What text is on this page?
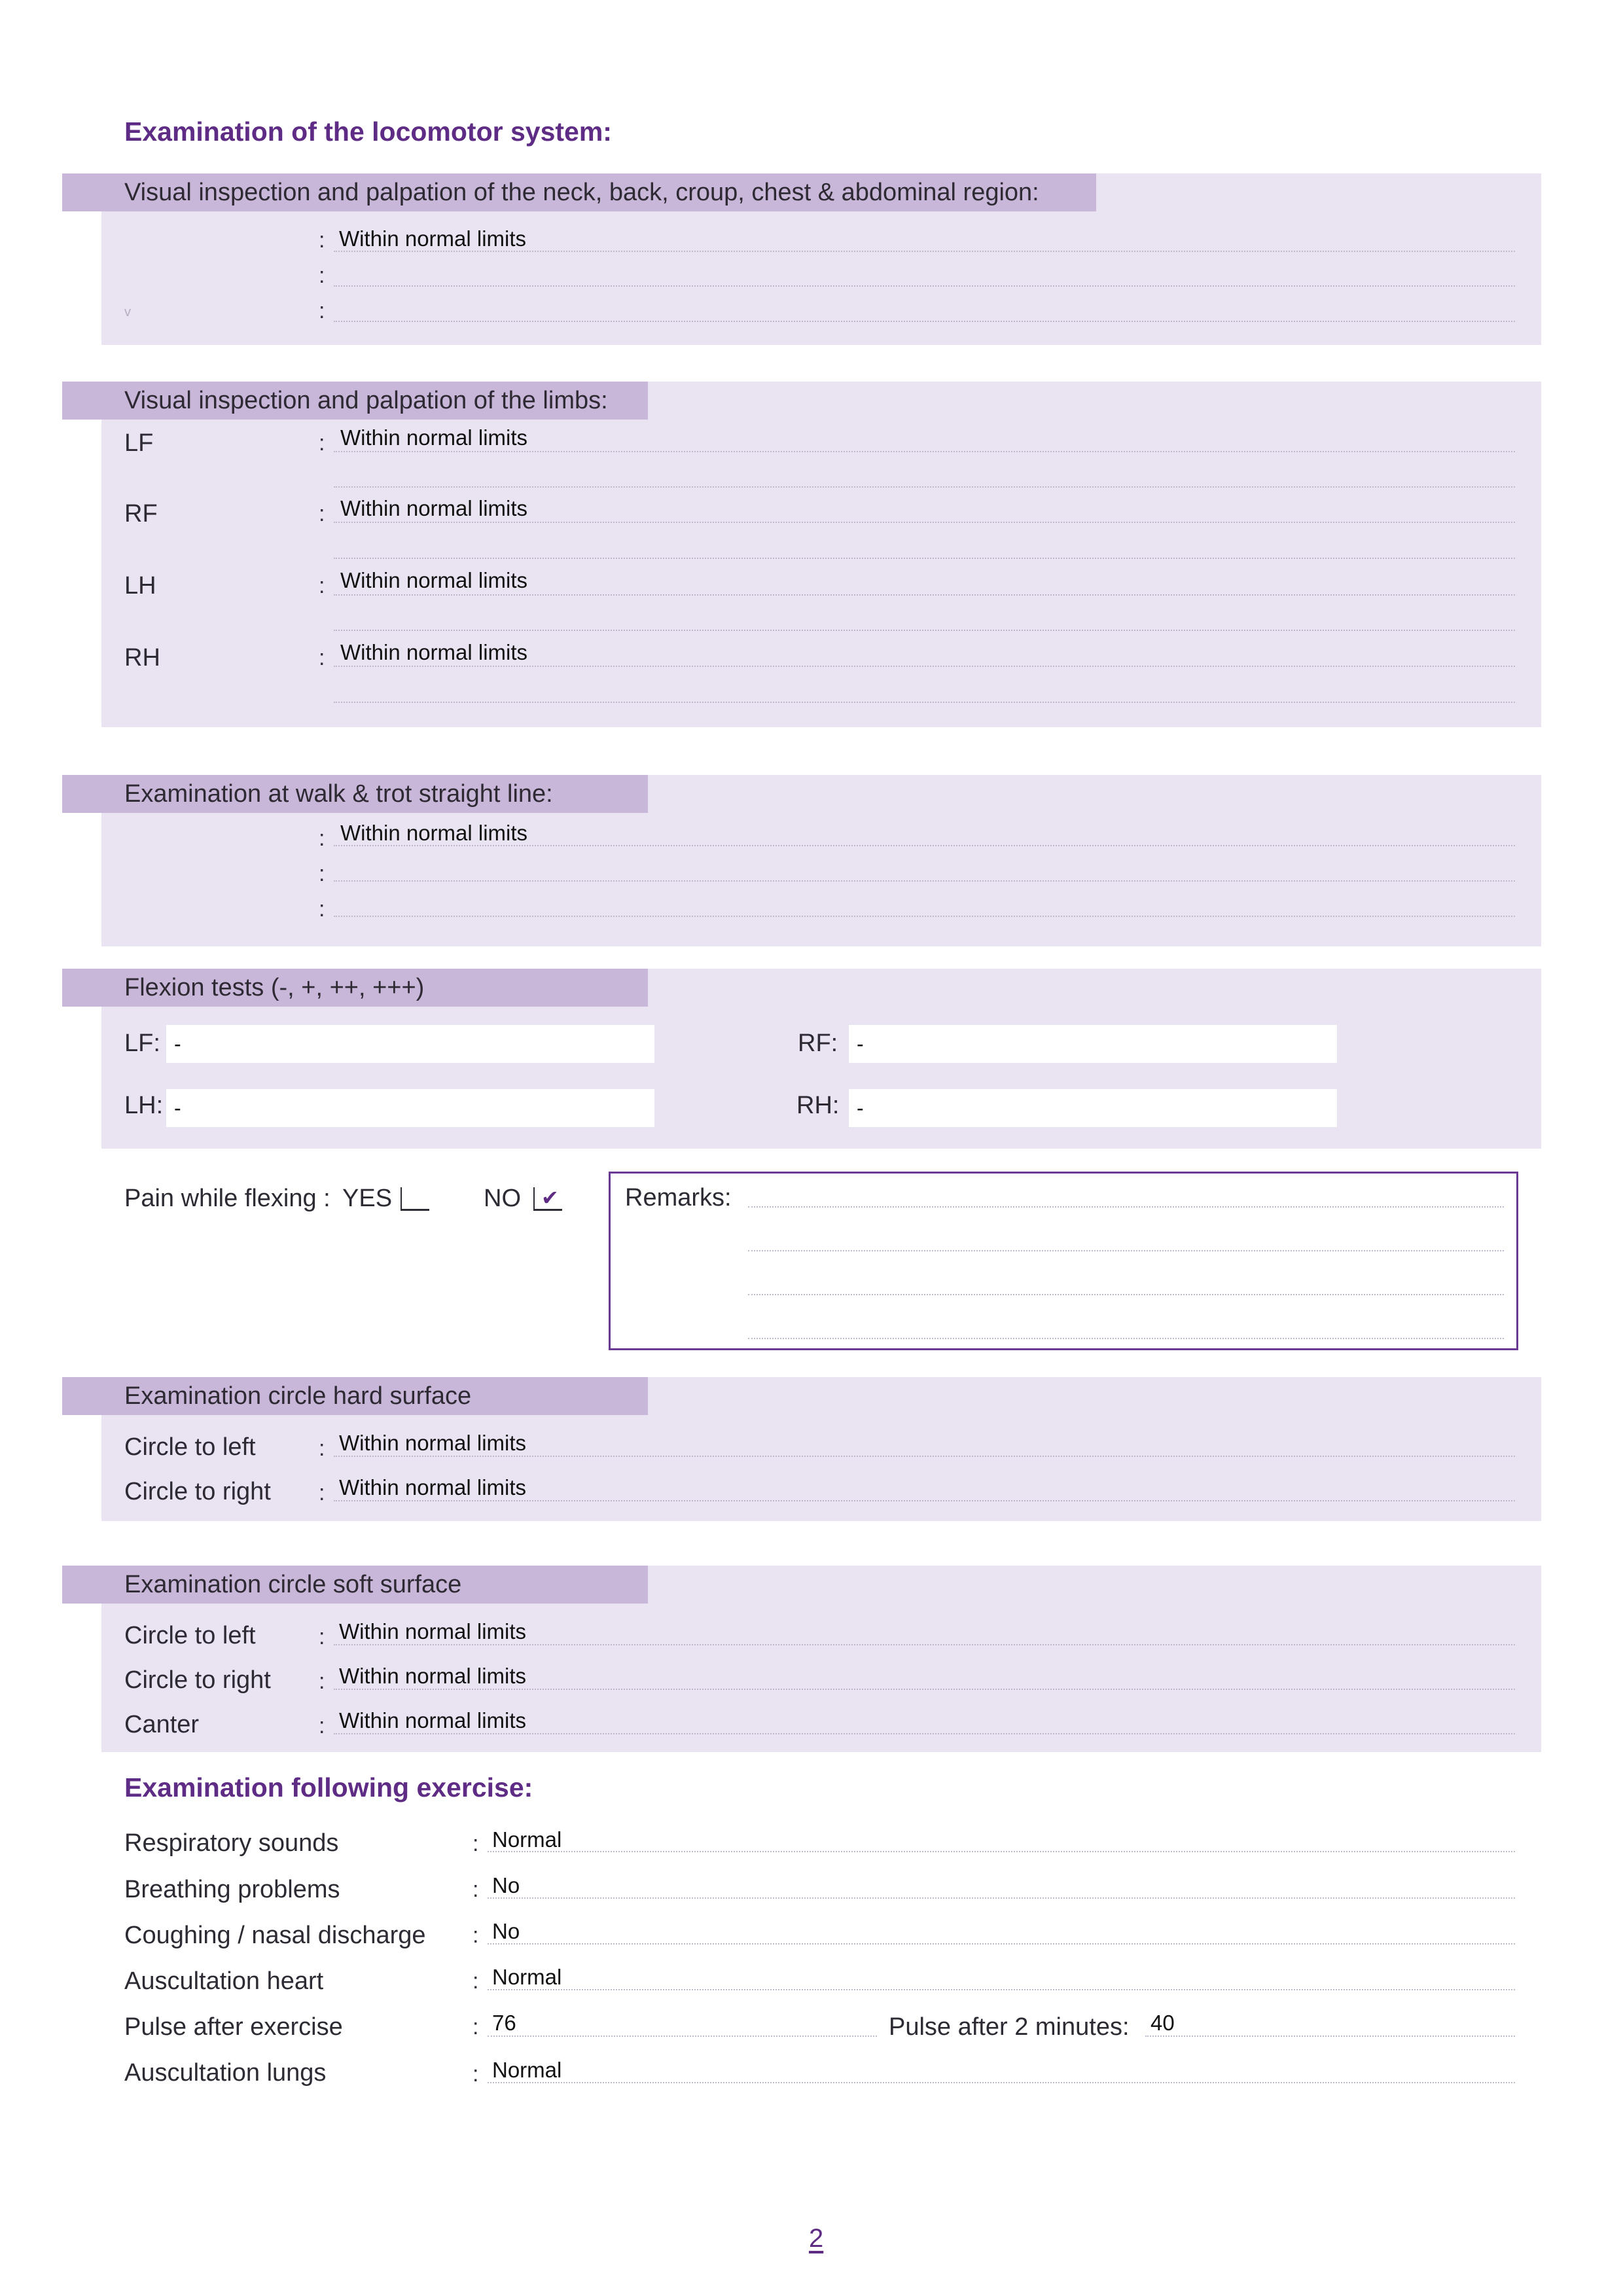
Examination of the locomotor system:
Visual inspection and palpation of the neck, back, croup, chest & abdominal region:
: Within normal limits
:
v	:
Visual inspection and palpation of the limbs:
LF	: Within normal limits
RF	: Within normal limits
LH	: Within normal limits
RH	: Within normal limits
Examination at walk & trot straight line:
: Within normal limits
:
:
Flexion tests (-, +, ++, +++)
LF: -	RF: -
LH: -	RH: -
Pain while flexing : YES	NO ✔	Remarks:
Examination circle hard surface
Circle to left	: Within normal limits
Circle to right : Within normal limits
Examination circle soft surface
Circle to left	: Within normal limits
Circle to right : Within normal limits
Canter	: Within normal limits
Examination following exercise:
Respiratory sounds	: Normal
Breathing problems	: No
Coughing / nasal discharge : No
Auscultation heart	: Normal
Pulse after exercise	: 76	Pulse after 2 minutes: 40
Auscultation lungs	: Normal
2
